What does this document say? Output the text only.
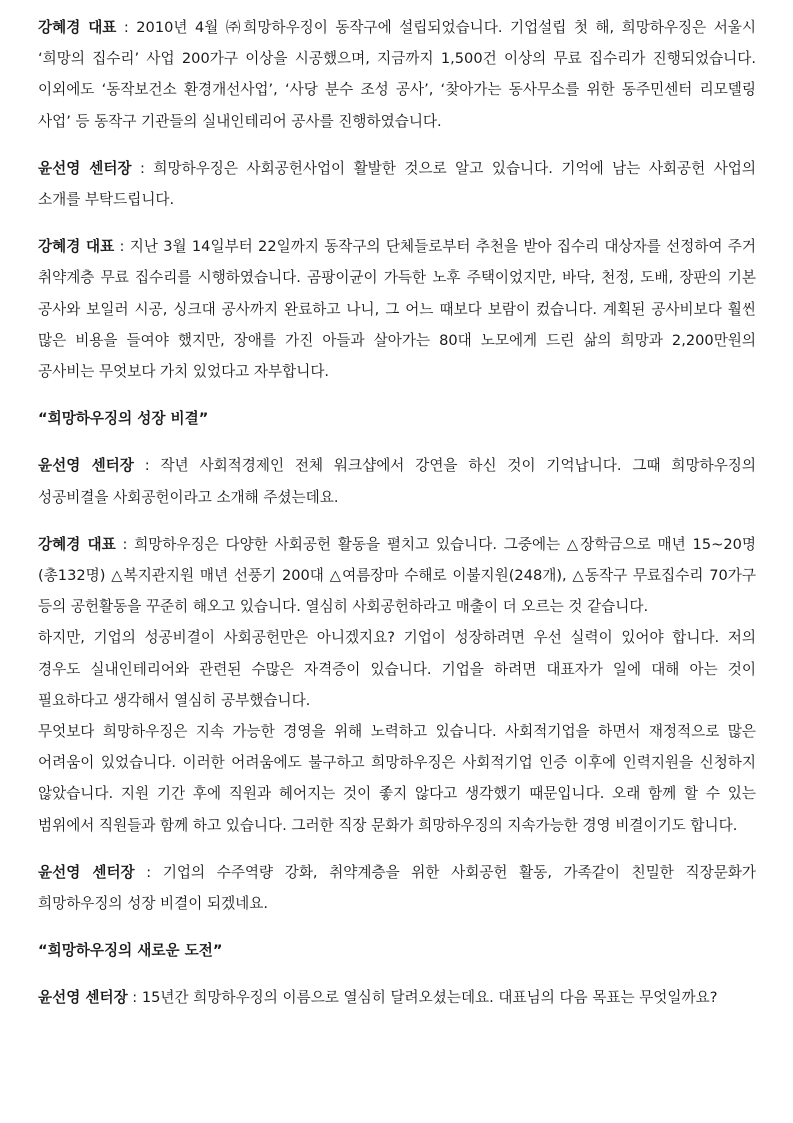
강혜경 대표 : 2010년 4월 ㈜희망하우징이 동작구에 설립되었습니다. 기업설립 첫 해, 희망하우징은 서울시 ‘희망의 집수리’ 사업 200가구 이상을 시공했으며, 지금까지 1,500건 이상의 무료 집수리가 진행되었습니다. 이외에도 ‘동작보건소 환경개선사업’, ‘사당 분수 조성 공사’, ‘찾아가는 동사무소를 위한 동주민센터 리모델링 사업’ 등 동작구 기관들의 실내인테리어 공사를 진행하였습니다.

윤선영 센터장 : 희망하우징은 사회공헌사업이 활발한 것으로 알고 있습니다. 기억에 남는 사회공헌 사업의 소개를 부탁드립니다.

강혜경 대표 : 지난 3월 14일부터 22일까지 동작구의 단체들로부터 추천을 받아 집수리 대상자를 선정하여 주거 취약계층 무료 집수리를 시행하였습니다. 곰팡이균이 가득한 노후 주택이었지만, 바닥, 천정, 도배, 장판의 기본 공사와 보일러 시공, 싱크대 공사까지 완료하고 나니, 그 어느 때보다 보람이 컸습니다. 계획된 공사비보다 훨씬 많은 비용을 들여야 했지만, 장애를 가진 아들과 살아가는 80대 노모에게 드린 삶의 희망과 2,200만원의 공사비는 무엇보다 가치 있었다고 자부합니다.

“희망하우징의 성장 비결”

윤선영 센터장 : 작년 사회적경제인 전체 워크샵에서 강연을 하신 것이 기억납니다. 그때 희망하우징의 성공비결을 사회공헌이라고 소개해 주셨는데요.

강혜경 대표 : 희망하우징은 다양한 사회공헌 활동을 펼치고 있습니다. 그중에는 △장학금으로 매년 15~20명(총132명) △복지관지원 매년 선풍기 200대 △여름장마 수해로 이불지원(248개), △동작구 무료집수리 70가구 등의 공헌활동을 꾸준히 해오고 있습니다. 열심히 사회공헌하라고 매출이 더 오르는 것 같습니다.

하지만, 기업의 성공비결이 사회공헌만은 아니겠지요? 기업이 성장하려면 우선 실력이 있어야 합니다. 저의 경우도 실내인테리어와 관련된 수많은 자격증이 있습니다. 기업을 하려면 대표자가 일에 대해 아는 것이 필요하다고 생각해서 열심히 공부했습니다.

무엇보다 희망하우징은 지속 가능한 경영을 위해 노력하고 있습니다. 사회적기업을 하면서 재정적으로 많은 어려움이 있었습니다. 이러한 어려움에도 불구하고 희망하우징은 사회적기업 인증 이후에 인력지원을 신청하지 않았습니다. 지원 기간 후에 직원과 헤어지는 것이 좋지 않다고 생각했기 때문입니다. 오래 함께 할 수 있는 범위에서 직원들과 함께 하고 있습니다. 그러한 직장 문화가 희망하우징의 지속가능한 경영 비결이기도 합니다.

윤선영 센터장 : 기업의 수주역량 강화, 취약계층을 위한 사회공헌 활동, 가족같이 친밀한 직장문화가 희망하우징의 성장 비결이 되겠네요.

“희망하우징의 새로운 도전”

윤선영 센터장 : 15년간 희망하우징의 이름으로 열심히 달려오셨는데요. 대표님의 다음 목표는 무엇일까요?
